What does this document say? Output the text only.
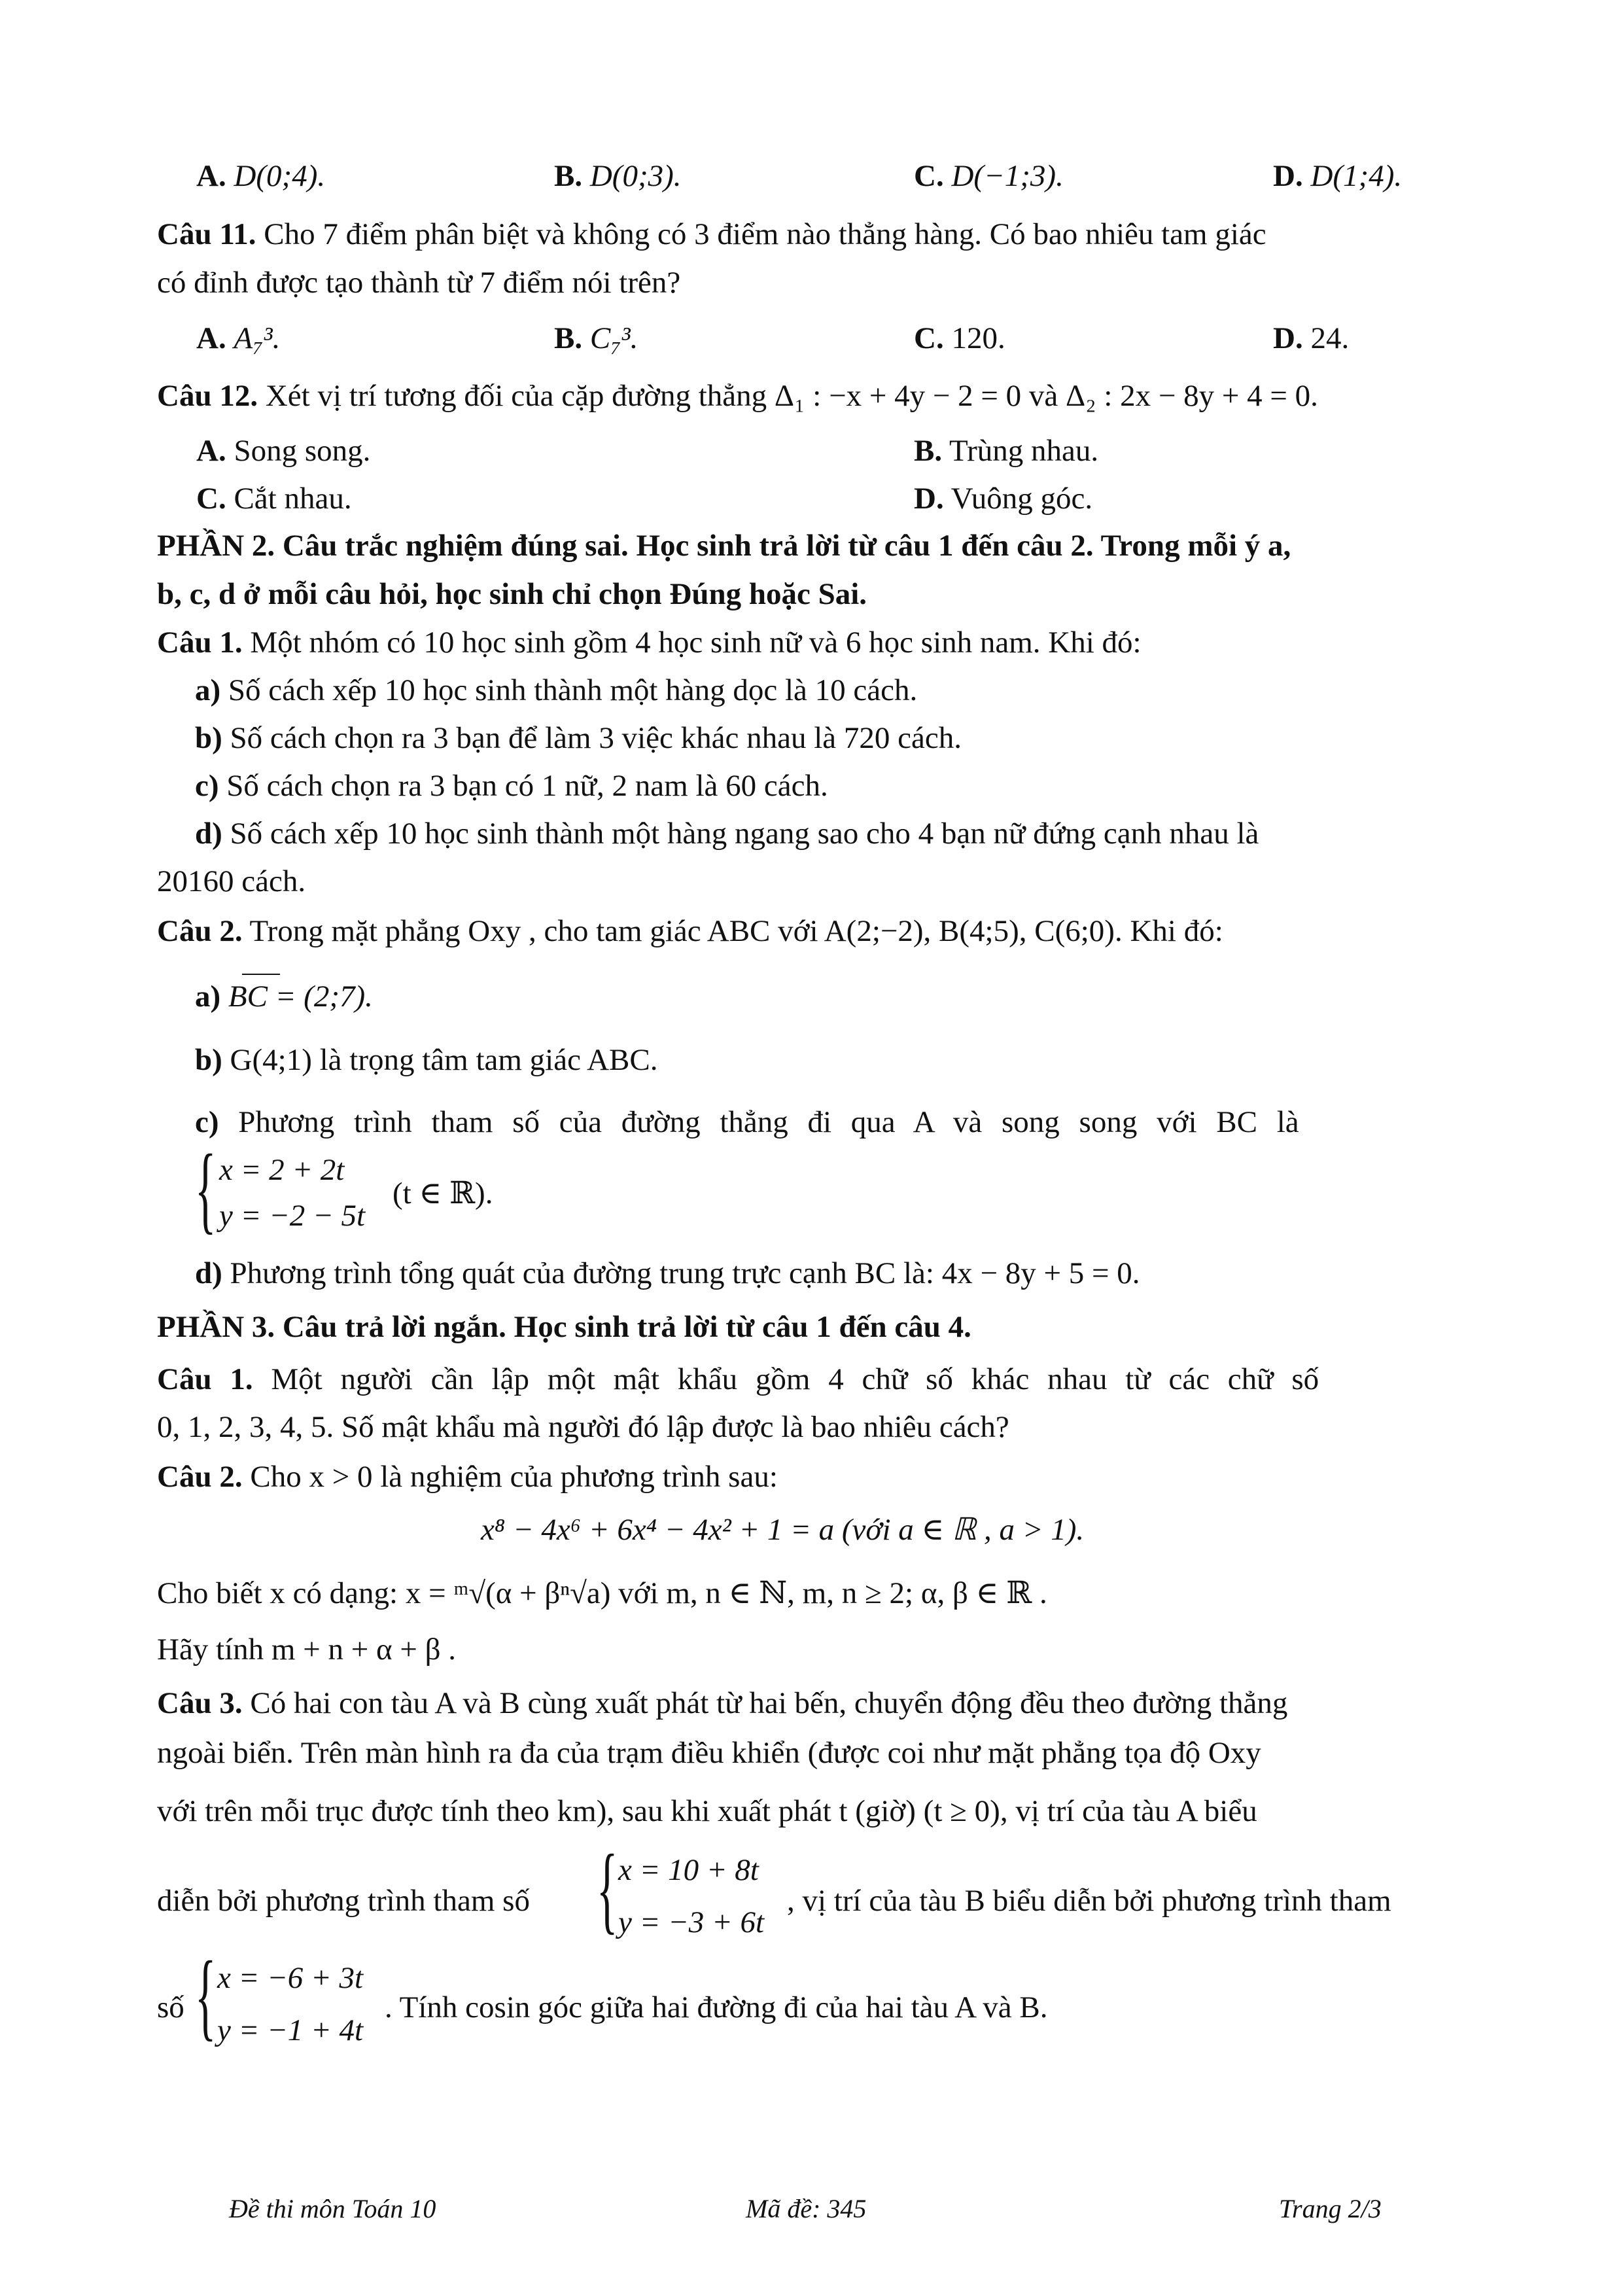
A. D(0;4).	B. D(0;3).	C. D(−1;3).	D. D(1;4).
Câu 11. Cho 7 điểm phân biệt và không có 3 điểm nào thẳng hàng. Có bao nhiêu tam giác
có đỉnh được tạo thành từ 7 điểm nói trên?
A. A₇³.	B. C₇³.	C. 120.	D. 24.
Câu 12. Xét vị trí tương đối của cặp đường thẳng Δ₁ : −x + 4y − 2 = 0 và Δ₂ : 2x − 8y + 4 = 0.
A. Song song.	B. Trùng nhau.
C. Cắt nhau.	D. Vuông góc.
PHẦN 2. Câu trắc nghiệm đúng sai. Học sinh trả lời từ câu 1 đến câu 2. Trong mỗi ý a,
b, c, d ở mỗi câu hỏi, học sinh chỉ chọn Đúng hoặc Sai.
Câu 1. Một nhóm có 10 học sinh gồm 4 học sinh nữ và 6 học sinh nam. Khi đó:
a) Số cách xếp 10 học sinh thành một hàng dọc là 10 cách.
b) Số cách chọn ra 3 bạn để làm 3 việc khác nhau là 720 cách.
c) Số cách chọn ra 3 bạn có 1 nữ, 2 nam là 60 cách.
d) Số cách xếp 10 học sinh thành một hàng ngang sao cho 4 bạn nữ đứng cạnh nhau là
20160 cách.
Câu 2. Trong mặt phẳng Oxy , cho tam giác ABC với A(2;−2), B(4;5), C(6;0). Khi đó:
a) BC = (2;7).
b) G(4;1) là trọng tâm tam giác ABC.
c) Phương trình tham số của đường thẳng đi qua A và song song với BC là
{ x = 2 + 2t
y = −2 − 5t
(t ∈ ℝ).
d) Phương trình tổng quát của đường trung trực cạnh BC là: 4x − 8y + 5 = 0.
PHẦN 3. Câu trả lời ngắn. Học sinh trả lời từ câu 1 đến câu 4.
Câu 1. Một người cần lập một mật khẩu gồm 4 chữ số khác nhau từ các chữ số
0, 1, 2, 3, 4, 5. Số mật khẩu mà người đó lập được là bao nhiêu cách?
Câu 2. Cho x > 0 là nghiệm của phương trình sau:
x⁸ − 4x⁶ + 6x⁴ − 4x² + 1 = a (với a ∈ ℝ , a > 1).
Cho biết x có dạng: x = ᵐ√(α + βⁿ√a) với m, n ∈ ℕ, m, n ≥ 2; α, β ∈ ℝ .
Hãy tính m + n + α + β .
Câu 3. Có hai con tàu A và B cùng xuất phát từ hai bến, chuyển động đều theo đường thẳng
ngoài biển. Trên màn hình ra đa của trạm điều khiển (được coi như mặt phẳng tọa độ Oxy
với trên mỗi trục được tính theo km), sau khi xuất phát t (giờ) (t ≥ 0), vị trí của tàu A biểu
diễn bởi phương trình tham số { x = 10 + 8t
y = −3 + 6t
, vị trí của tàu B biểu diễn bởi phương trình tham
số { x = −6 + 3t
y = −1 + 4t
. Tính cosin góc giữa hai đường đi của hai tàu A và B.
Đề thi môn Toán 10	Mã đề: 345	Trang 2/3
